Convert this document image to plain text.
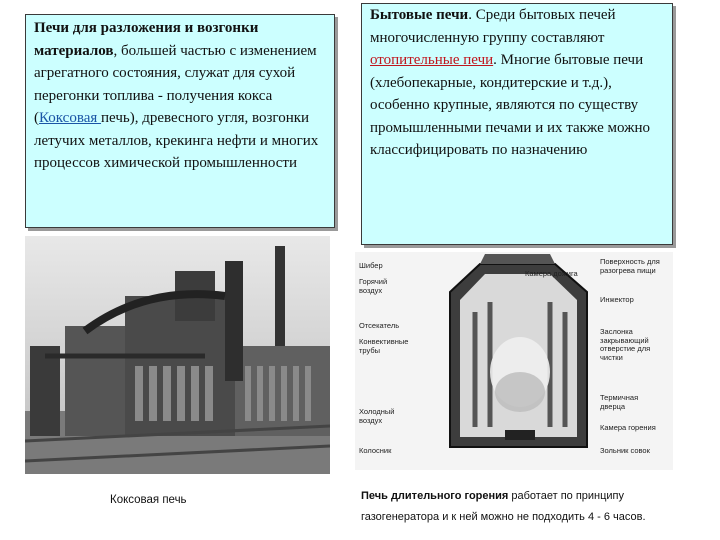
Печи для разложения и возгонки материалов, большей частью с изменением агрегатного состояния, служат для сухой перегонки топлива - получения кокса (Коксовая печь), древесного угля, возгонки летучих металлов, крекинга нефти и многих процессов химической промышленности
Бытовые печи. Среди бытовых печей многочисленную группу составляют отопительные печи. Многие бытовые печи (хлебопекарные, кондитерские и т.д.), особенно крупные, являются по существу промышленными печами и их также можно классифицировать по назначению
Шибер
Горячий воздух
Отсекатель
Конвективные трубы
Холодный воздух
Колосник
Поверхность для разогрева пищи
Камера дожига
Инжектор
Заслонка закрывающий отверстие для чистки
Термичная дверца
Камера горения
Зольник совок
Коксовая печь	Печь длительного горения работает по принципу газогенератора и к ней можно не подходить 4 - 6 часов.
